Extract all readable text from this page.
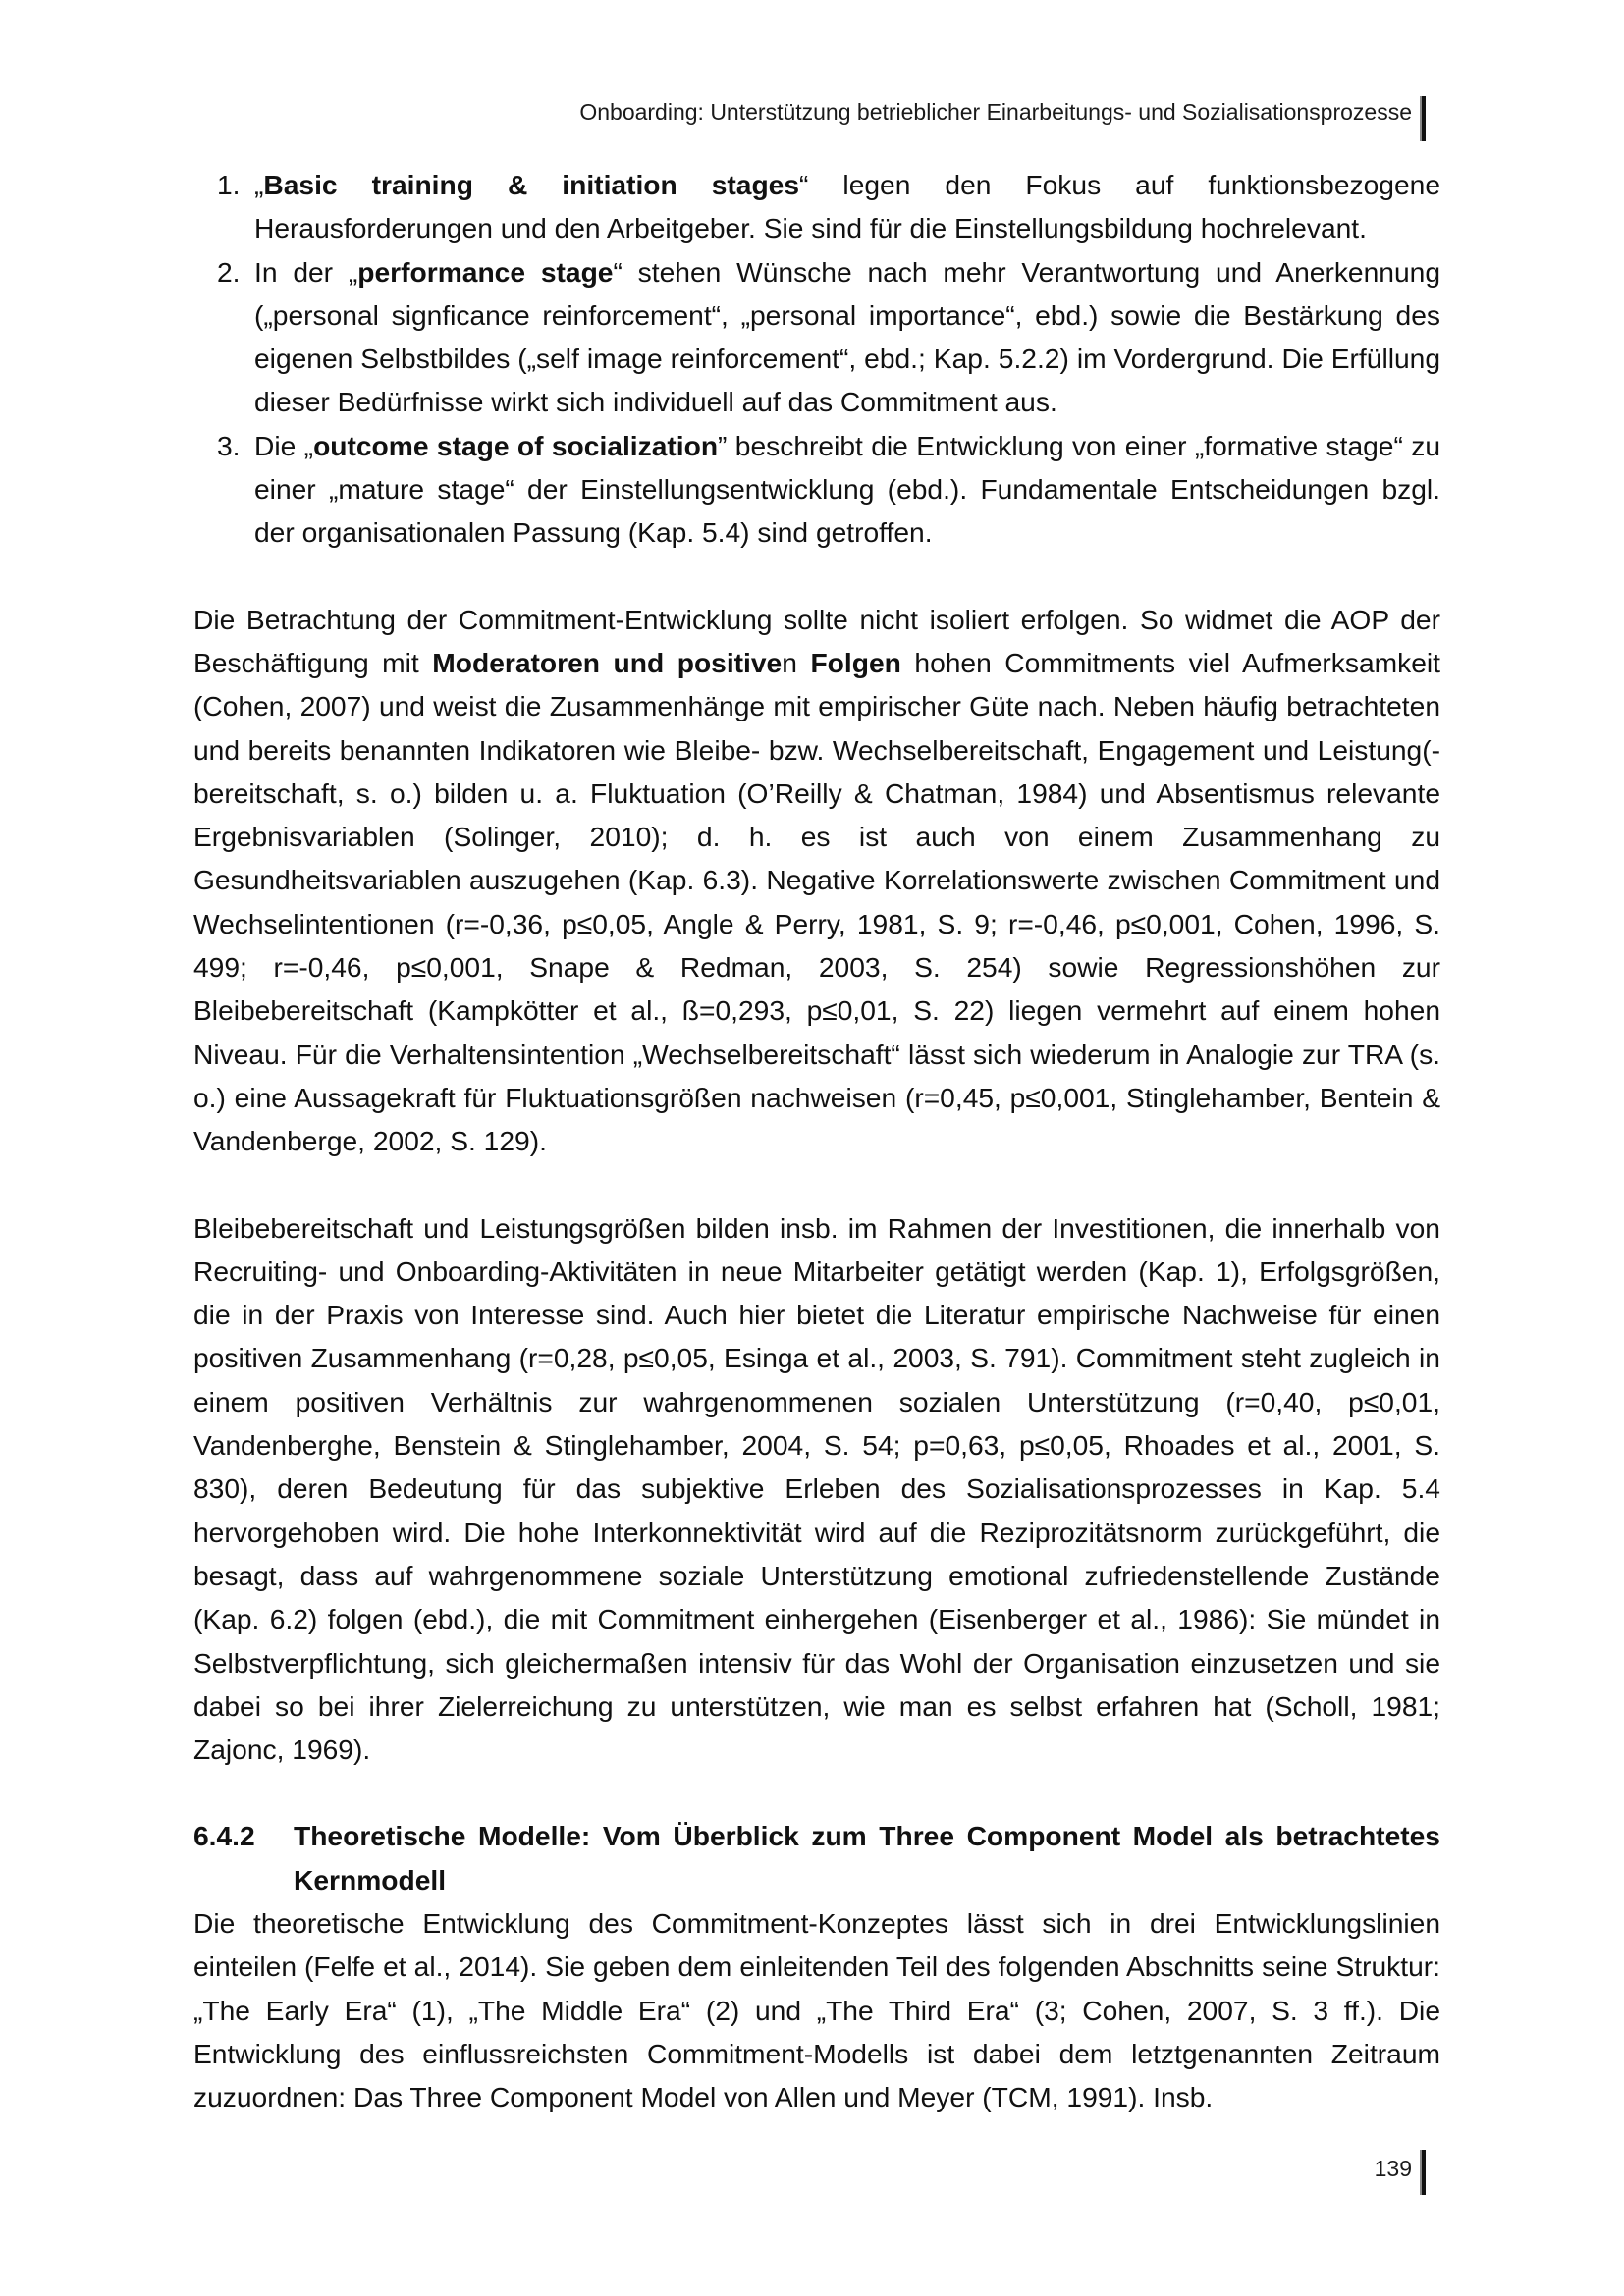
Onboarding: Unterstützung betrieblicher Einarbeitungs- und Sozialisationsprozesse
1. „Basic training & initiation stages“ legen den Fokus auf funktionsbezogene Herausforderungen und den Arbeitgeber. Sie sind für die Einstellungsbildung hochrelevant.
2. In der „performance stage“ stehen Wünsche nach mehr Verantwortung und Anerkennung („personal signficance reinforcement“, „personal importance“, ebd.) sowie die Bestärkung des eigenen Selbstbildes („self image reinforcement“, ebd.; Kap. 5.2.2) im Vordergrund. Die Erfüllung dieser Bedürfnisse wirkt sich individuell auf das Commitment aus.
3. Die „outcome stage of socialization” beschreibt die Entwicklung von einer „formative stage“ zu einer „mature stage“ der Einstellungsentwicklung (ebd.). Fundamentale Entscheidungen bzgl. der organisationalen Passung (Kap. 5.4) sind getroffen.

Die Betrachtung der Commitment-Entwicklung sollte nicht isoliert erfolgen. So widmet die AOP der Beschäftigung mit Moderatoren und positiven Folgen hohen Commitments viel Aufmerksamkeit (Cohen, 2007) und weist die Zusammenhänge mit empirischer Güte nach. Neben häufig betrachteten und bereits benannten Indikatoren wie Bleibe- bzw. Wechselbereitschaft, Engagement und Leistung(-bereitschaft, s. o.) bilden u. a. Fluktuation (O’Reilly & Chatman, 1984) und Absentismus relevante Ergebnisvariablen (Solinger, 2010); d. h. es ist auch von einem Zusammenhang zu Gesundheitsvariablen auszugehen (Kap. 6.3). Negative Korrelationswerte zwischen Commitment und Wechselintentionen (r=-0,36, p≤0,05, Angle & Perry, 1981, S. 9; r=-0,46, p≤0,001, Cohen, 1996, S. 499; r=-0,46, p≤0,001, Snape & Redman, 2003, S. 254) sowie Regressionshöhen zur Bleibebereitschaft (Kampkötter et al., ß=0,293, p≤0,01, S. 22) liegen vermehrt auf einem hohen Niveau. Für die Verhaltensintention „Wechselbereitschaft“ lässt sich wiederum in Analogie zur TRA (s. o.) eine Aussagekraft für Fluktuationsgrößen nachweisen (r=0,45, p≤0,001, Stinglehamber, Bentein & Vandenberge, 2002, S. 129).

Bleibebereitschaft und Leistungsgrößen bilden insb. im Rahmen der Investitionen, die innerhalb von Recruiting- und Onboarding-Aktivitäten in neue Mitarbeiter getätigt werden (Kap. 1), Erfolgsgrößen, die in der Praxis von Interesse sind. Auch hier bietet die Literatur empirische Nachweise für einen positiven Zusammenhang (r=0,28, p≤0,05, Esinga et al., 2003, S. 791). Commitment steht zugleich in einem positiven Verhältnis zur wahrgenommenen sozialen Unterstützung (r=0,40, p≤0,01, Vandenberghe, Benstein & Stinglehamber, 2004, S. 54; p=0,63, p≤0,05, Rhoades et al., 2001, S. 830), deren Bedeutung für das subjektive Erleben des Sozialisationsprozesses in Kap. 5.4 hervorgehoben wird. Die hohe Interkonnektivität wird auf die Reziprozitätsnorm zurückgeführt, die besagt, dass auf wahrgenommene soziale Unterstützung emotional zufriedenstellende Zustände (Kap. 6.2) folgen (ebd.), die mit Commitment einhergehen (Eisenberger et al., 1986): Sie mündet in Selbstverpflichtung, sich gleichermaßen intensiv für das Wohl der Organisation einzusetzen und sie dabei so bei ihrer Zielerreichung zu unterstützen, wie man es selbst erfahren hat (Scholl, 1981; Zajonc, 1969).

6.4.2 Theoretische Modelle: Vom Überblick zum Three Component Model als betrachtetes Kernmodell

Die theoretische Entwicklung des Commitment-Konzeptes lässt sich in drei Entwicklungslinien einteilen (Felfe et al., 2014). Sie geben dem einleitenden Teil des folgenden Abschnitts seine Struktur: „The Early Era“ (1), „The Middle Era“ (2) und „The Third Era“ (3; Cohen, 2007, S. 3 ff.). Die Entwicklung des einflussreichsten Commitment-Modells ist dabei dem letztgenannten Zeitraum zuzuordnen: Das Three Component Model von Allen und Meyer (TCM, 1991). Insb.

139
